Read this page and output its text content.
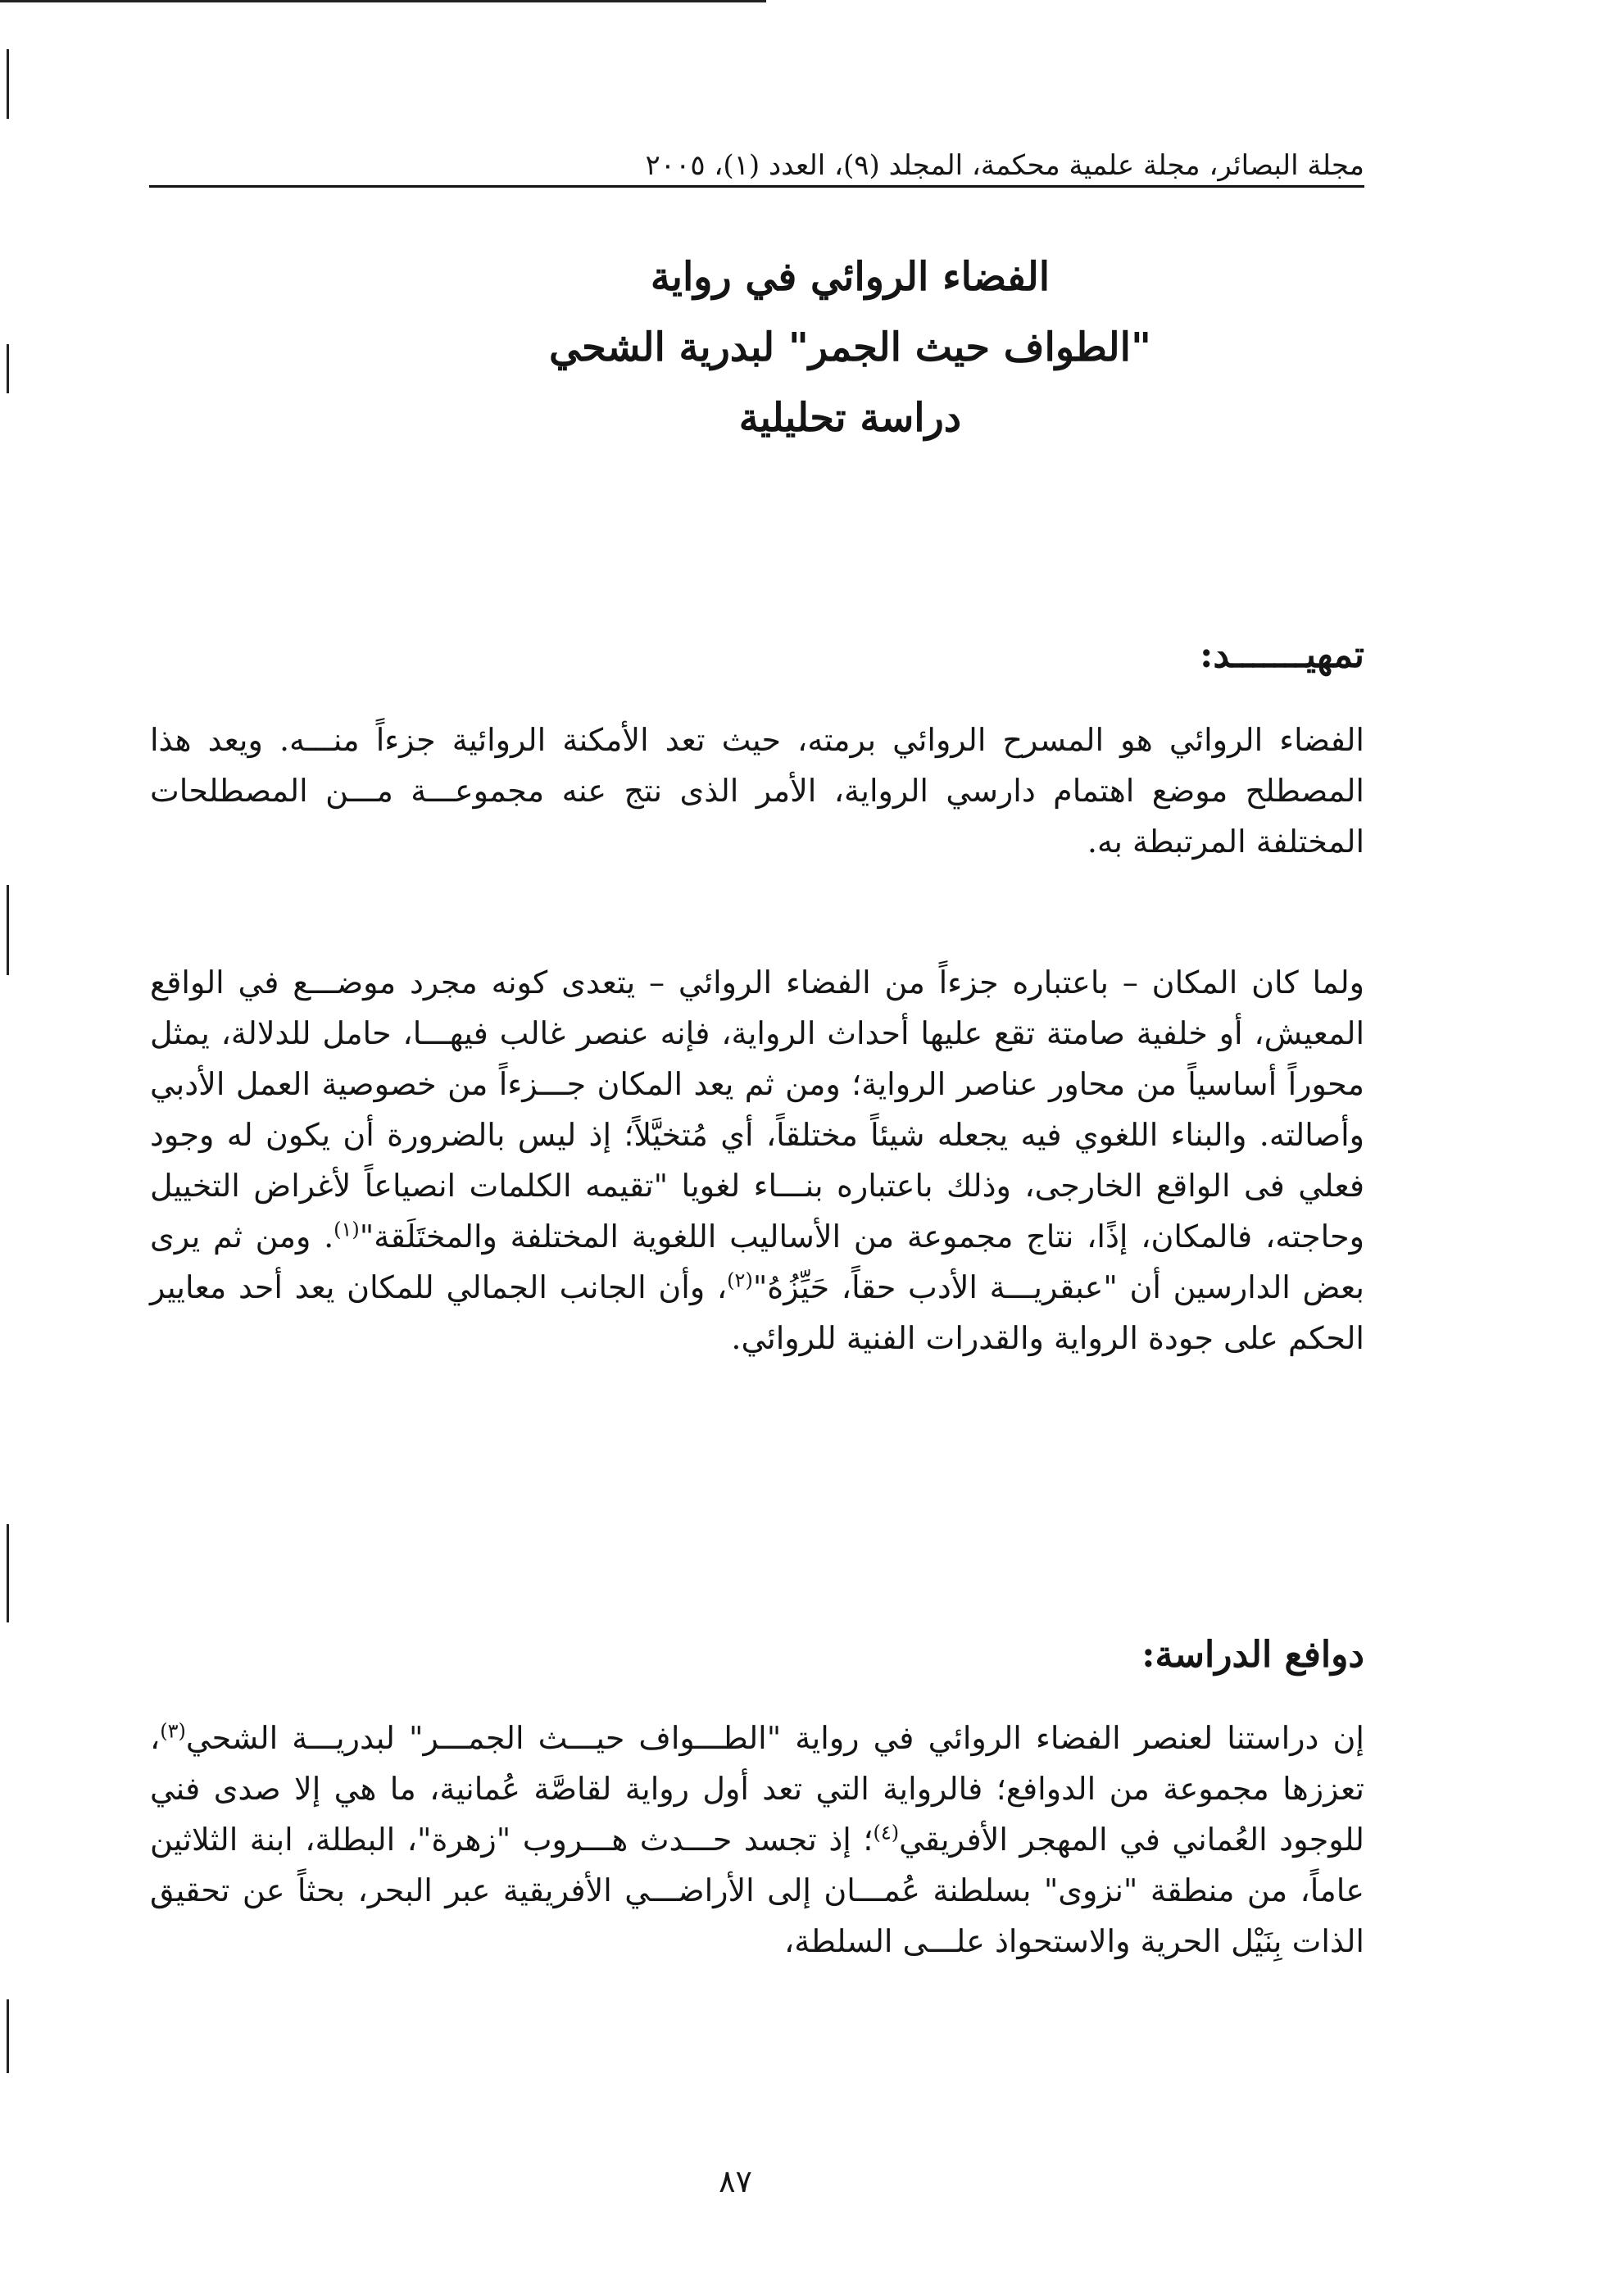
مجلة البصائر، مجلة علمية محكمة، المجلد (٩)، العدد (١)، ٢٠٠٥
الفضاء الروائي في رواية
"الطواف حيث الجمر" لبدرية الشحي
دراسة تحليلية
تمهيـــــــد:
الفضاء الروائي هو المسرح الروائي برمته، حيث تعد الأمكنة الروائية جزءاً منـــه. ويعد هذا المصطلح موضع اهتمام دارسي الرواية، الأمر الذى نتج عنه مجموعـــة مـــن المصطلحات المختلفة المرتبطة به.
ولما كان المكان – باعتباره جزءاً من الفضاء الروائي – يتعدى كونه مجرد موضـــع في الواقع المعيش، أو خلفية صامتة تقع عليها أحداث الرواية، فإنه عنصر غالب فيهـــا، حامل للدلالة، يمثل محوراً أساسياً من محاور عناصر الرواية؛ ومن ثم يعد المكان جـــزءاً من خصوصية العمل الأدبي وأصالته. والبناء اللغوي فيه يجعله شيئاً مختلقاً، أي مُتخيَّلاً؛ إذ ليس بالضرورة أن يكون له وجود فعلي فى الواقع الخارجى، وذلك باعتباره بنـــاء لغويا "تقيمه الكلمات انصياعاً لأغراض التخييل وحاجته، فالمكان، إذًا، نتاج مجموعة من الأساليب اللغوية المختلفة والمختَلَقة"$^{(١)}$. ومن ثم يرى بعض الدارسين أن "عبقريـــة الأدب حقاً، حَيِّزُهُ"$^{(٢)}$، وأن الجانب الجمالي للمكان يعد أحد معايير الحكم على جودة الرواية والقدرات الفنية للروائي.
دوافع الدراسة:
إن دراستنا لعنصر الفضاء الروائي في رواية "الطـــواف حيـــث الجمـــر" لبدريـــة الشحي$^{(٣)}$، تعززها مجموعة من الدوافع؛ فالرواية التي تعد أول رواية لقاصَّة عُمانية، ما هي إلا صدى فني للوجود العُماني في المهجر الأفريقي$^{(٤)}$؛ إذ تجسد حـــدث هـــروب "زهرة"، البطلة، ابنة الثلاثين عاماً، من منطقة "نزوى" بسلطنة عُمـــان إلى الأراضـــي الأفريقية عبر البحر، بحثاً عن تحقيق الذات بِنَيْل الحرية والاستحواذ علـــى السلطة،
٨٧
